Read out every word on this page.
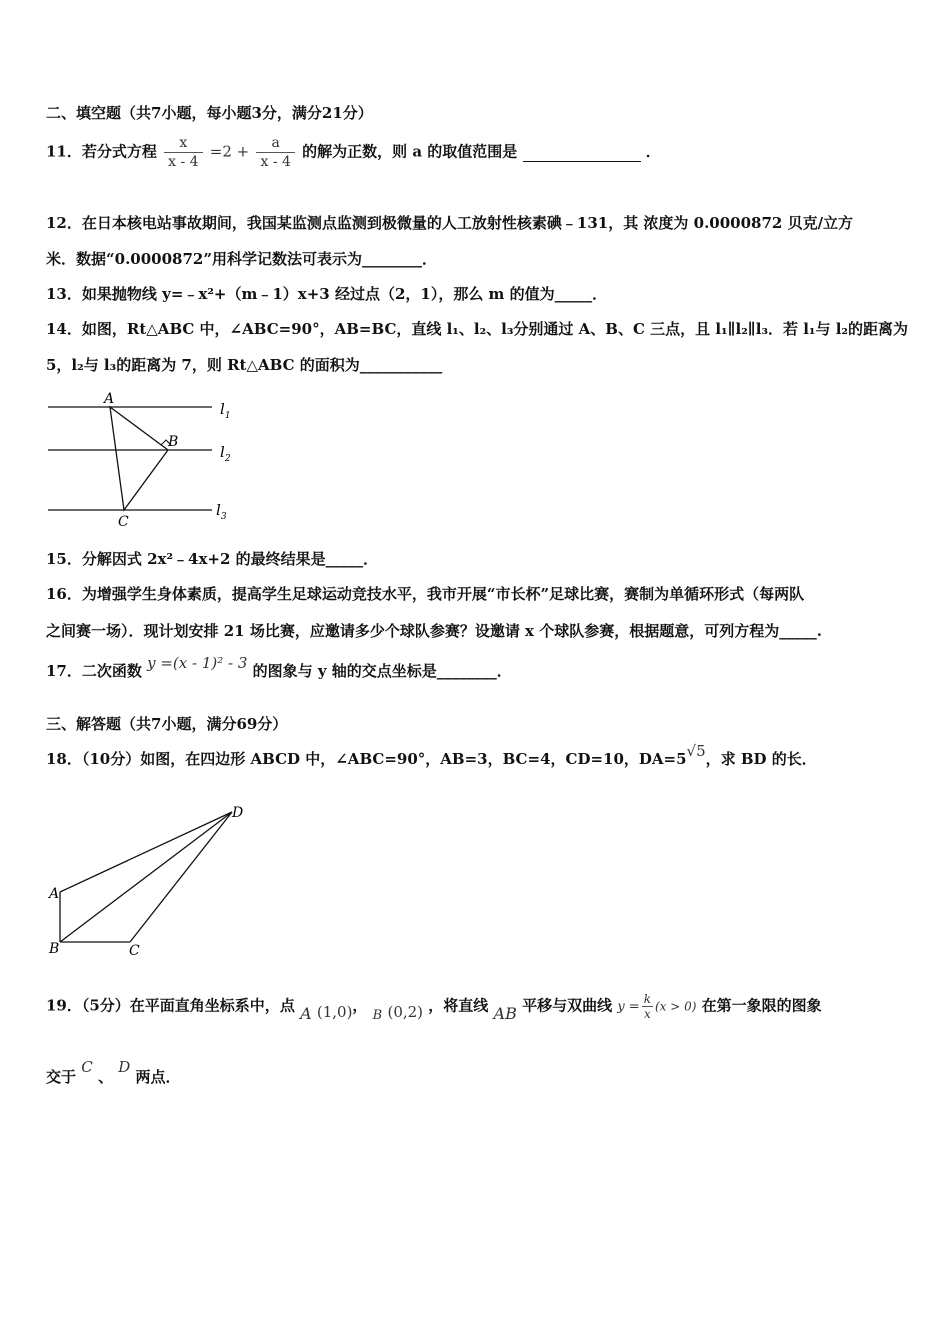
二、填空题（共7小题，每小题3分，满分21分）
11．若分式方程 $\frac{x}{x - 4} =2 + \frac{a}{x - 4}$ 的解为正数，则 a 的取值范围是	．
12．在日本核电站事故期间，我国某监测点监测到极微量的人工放射性核素碘﹣131，其 浓度为 0.0000872 贝克/立方
米．数据“0.0000872”用科学记数法可表示为________．
13．如果抛物线 y=﹣x²+（m﹣1）x+3 经过点（2，1），那么 m 的值为_____．
14．如图，Rt△ABC 中，∠ABC=90°，AB=BC，直线 l₁、l₂、l₃分别通过 A、B、C 三点，且 l₁∥l₂∥l₃．若 l₁与 l₂的距离为
5，l₂与 l₃的距离为 7，则 Rt△ABC 的面积为___________
A
B
C
$l_1$
$l_2$
$l_3$
15．分解因式 2x²﹣4x+2 的最终结果是_____．
16．为增强学生身体素质，提高学生足球运动竞技水平，我市开展“市长杯”足球比赛，赛制为单循环形式（每两队
之间赛一场）．现计划安排 21 场比赛，应邀请多少个球队参赛？设邀请 x 个球队参赛，根据题意，可列方程为_____.
17．二次函数 y =(x - 1)² - 3 的图象与 y 轴的交点坐标是________．
三、解答题（共7小题，满分69分）
18．（10分）如图，在四边形 ABCD 中，∠ABC=90°，AB=3，BC=4，CD=10，DA=5√5，求 BD 的长．
A
B	C
D
19．（5分）在平面直角坐标系中，点 A (1,0)， B (0,2) ，将直线 AB 平移与双曲线 $y = \frac{k}{x} (x > 0)$ 在第一象限的图象
交于 C 、 D 两点．
